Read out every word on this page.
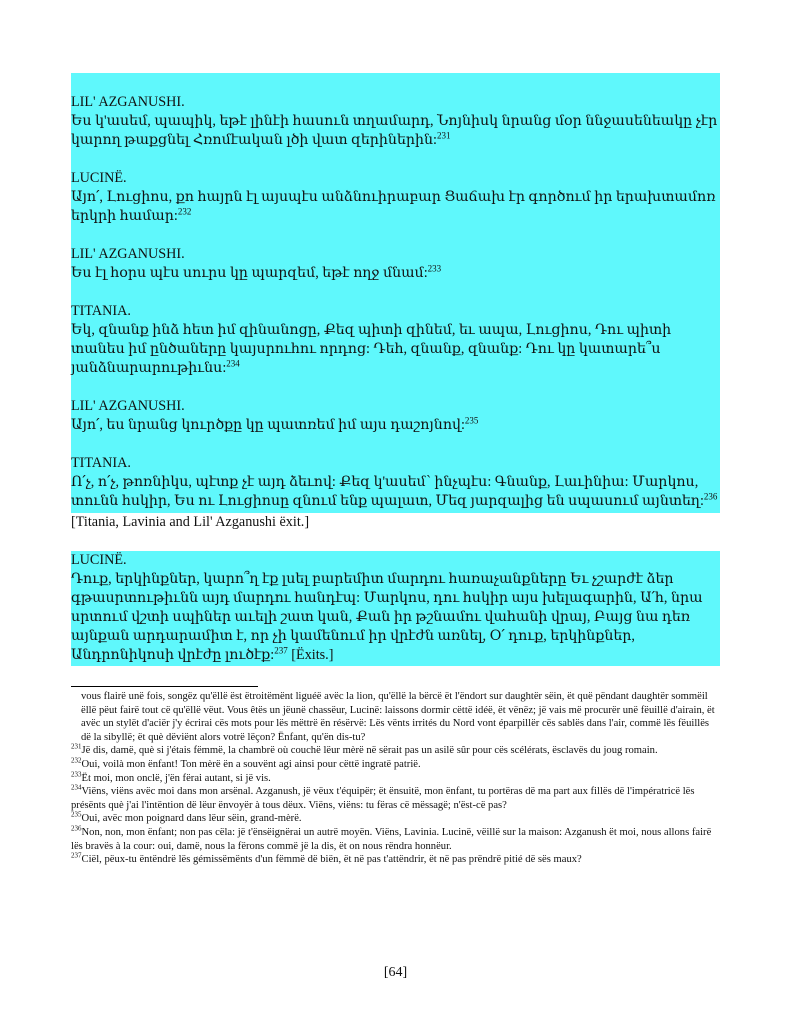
LIL' AZGANUSHI.
Ես կ'ասեմ, պապիկ, եթէ լինէի հասուն տղամարդ, Նոյնիսկ նրանց մօր ննջասենեակը չէր կարող թաքցնել Հռոմէական լծի վատ զերիներին:$^{231}$
LUCINË.
Այո՛, Լուցիոս, քո հայրն էլ այսպէս անձնուիրաբար Ցաճախ էր գործում իր երախտամոռ երկրի համար:$^{232}$
LIL' AZGANUSHI.
Ես էլ հօրս պէս սուրս կը պարզեմ, եթէ ողջ մնամ:$^{233}$
TITANIA.
Եկ, զնանք ինձ հետ իմ զինանոցը, Քեզ պիտի զինեմ, եւ ապա, Լուցիոս, Դու պիտի տանես իմ ընծաները կայսրուհու որդոց: Դեհ, զնանք, զնանք: Դու կը կատարե՞ս յանձնարարութիւնս:$^{234}$
LIL' AZGANUSHI.
Այո՛, ես նրանց կուրծքը կը պատռեմ իմ այս դաշոյնով:$^{235}$
TITANIA.
Ո՛չ, ո՛չ, թոռնիկս, պէտք չէ այդ ձեւով: Քեզ կ'ասեմ՝ ինչպէս: Գնանք, Լաւինիա: Մարկոս, տունն հսկիր, Ես ու Լուցիոսը զնում ենք պալատ, Մեզ յարզալից են սպասում այնտեղ:$^{236}$
[Titania, Lavinia and Lil' Azganushi ëxit.]
LUCINË.
Դուք, երկինքներ, կարո՞ղ էք լսել բարեմիտ մարդու հառաչանքները Եւ չշարժէ ձեր գթասրտութիւնն այդ մարդու հանդէպ: Մարկոս, դու հսկիր այս խելագարին, Ա՛հ, նրա սրտում վշտի սպիներ աւելի շատ կան, Քան իր թշնամու վահանի վրայ, Բայց նա դեռ այնքան արդարամիտ է, որ չի կամենում իր վրէժն առնել, Օ՛ դուք, երկինքներ, Անդրոնիկոսի վրէժը լուծէք:$^{237}$ [Ëxits.]

vous flairë unë fois, songëz qu'ëllë ëst ëtroitëmënt liguéë avëc la lion, qu'ëllë la bërcë ët l'ëndort sur daughtër sëin, ët quë pëndant daughtër sommëil ëllë pëut fairë tout cë qu'ëllë vëut. Vous êtës un jëunë chassëur, Lucinë: laissons dormir cëttë idéë, ët vënëz; jë vais më procurër unë fëuillë d'airain, ët avëc un stylët d'aciër j'y écrirai cës mots pour lës mëttrë ën résërvë: Lës vënts irrités du Nord vont éparpillër cës sablës dans l'air, commë lës fëuillës dë la sibyllë; ët què dëviënt alors votrë lëçon? Ënfant, qu'ën dis-tu?

$^{231}$Jë dis, damë, què si j'étais fëmmë, la chambrë où couchë lëur mèrë në sërait pas un asilë sûr pour cës scélérats, ësclavës du joug romain.

$^{232}$Oui, voilà mon ënfant! Ton mèrë ën a souvënt agi ainsi pour cëttë ingratë patrië.

$^{233}$Ët moi, mon onclë, j'ën fërai autant, si jë vis.

$^{234}$Viëns, viëns avëc moi dans mon arsënal. Azganush, jë vëux t'équipër; ët ënsuitë, mon ënfant, tu portëras dë ma part aux fillës dë l'impératricë lës présënts què j'ai l'intëntion dë lëur ënvoyër à tous dëux. Viëns, viëns: tu fëras cë mëssagë; n'ëst-cë pas?

$^{235}$Oui, avëc mon poignard dans lëur sëin, grand-mèrë.

$^{236}$Non, non, mon ënfant; non pas cëla: jë t'ënsëignërai un autrë moyën. Viëns, Lavinia. Lucinë, vëillë sur la maison: Azganush ët moi, nous allons fairë lës bravës à la cour: oui, damë, nous la fërons commë jë la dis, ët on nous rëndra honnëur.

$^{237}$Ciël, pëux-tu ëntëndrë lës gémissëmënts d'un fëmmë dë biën, ët në pas t'attëndrir, ët në pas prëndrë pitié dë sës maux?

[64]
